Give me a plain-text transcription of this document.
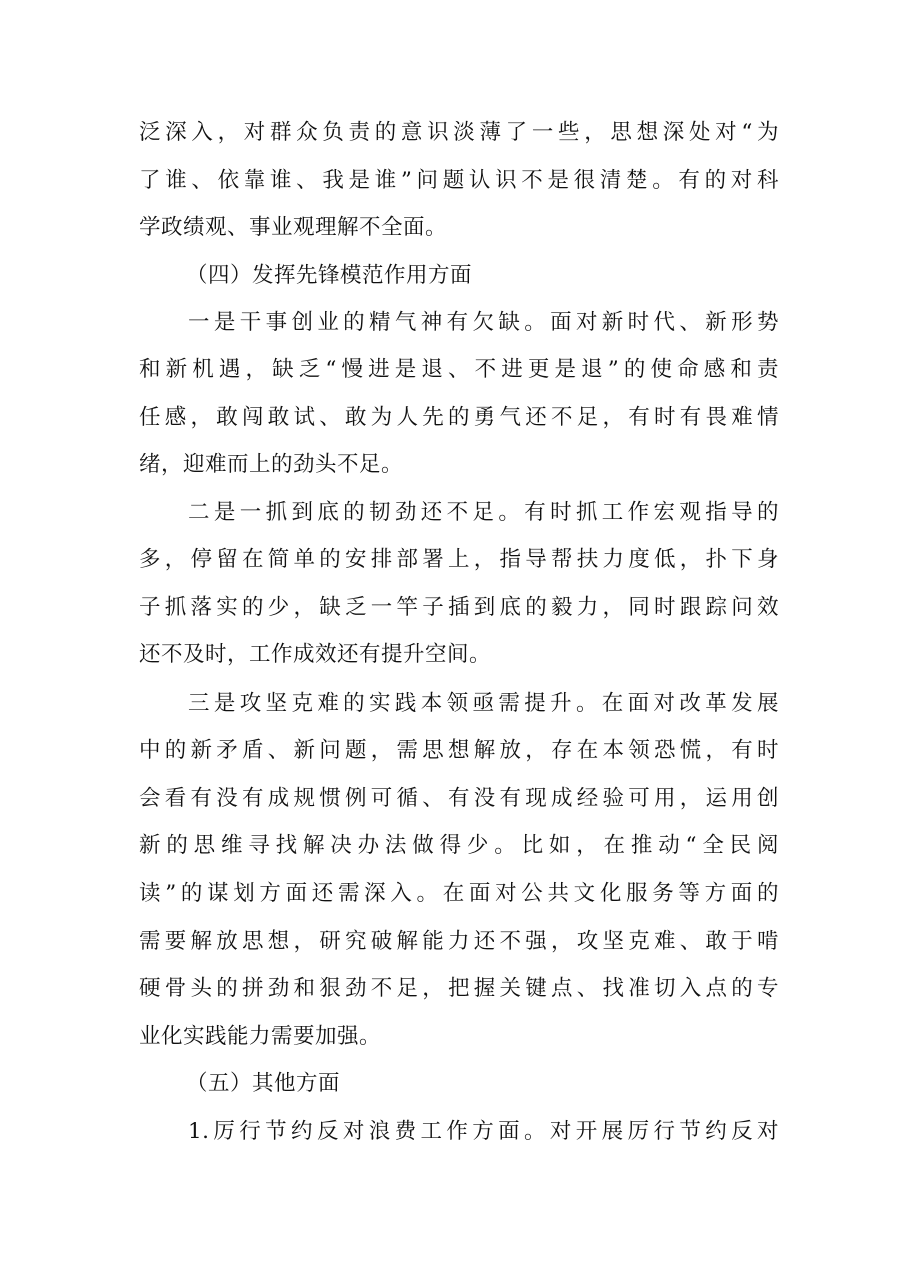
泛深入，对群众负责的意识淡薄了一些，思想深处对“为
了谁、依靠谁、我是谁”问题认识不是很清楚。有的对科
学政绩观、事业观理解不全面。
（四）发挥先锋模范作用方面
一是干事创业的精气神有欠缺。面对新时代、新形势
和新机遇，缺乏“慢进是退、不进更是退”的使命感和责
任感，敢闯敢试、敢为人先的勇气还不足，有时有畏难情
绪，迎难而上的劲头不足。
二是一抓到底的韧劲还不足。有时抓工作宏观指导的
多，停留在简单的安排部署上，指导帮扶力度低，扑下身
子抓落实的少，缺乏一竿子插到底的毅力，同时跟踪问效
还不及时，工作成效还有提升空间。
三是攻坚克难的实践本领亟需提升。在面对改革发展
中的新矛盾、新问题，需思想解放，存在本领恐慌，有时
会看有没有成规惯例可循、有没有现成经验可用，运用创
新的思维寻找解决办法做得少。比如，在推动“全民阅
读”的谋划方面还需深入。在面对公共文化服务等方面的
需要解放思想，研究破解能力还不强，攻坚克难、敢于啃
硬骨头的拼劲和狠劲不足，把握关键点、找准切入点的专
业化实践能力需要加强。
（五）其他方面
1.厉行节约反对浪费工作方面。对开展厉行节约反对
